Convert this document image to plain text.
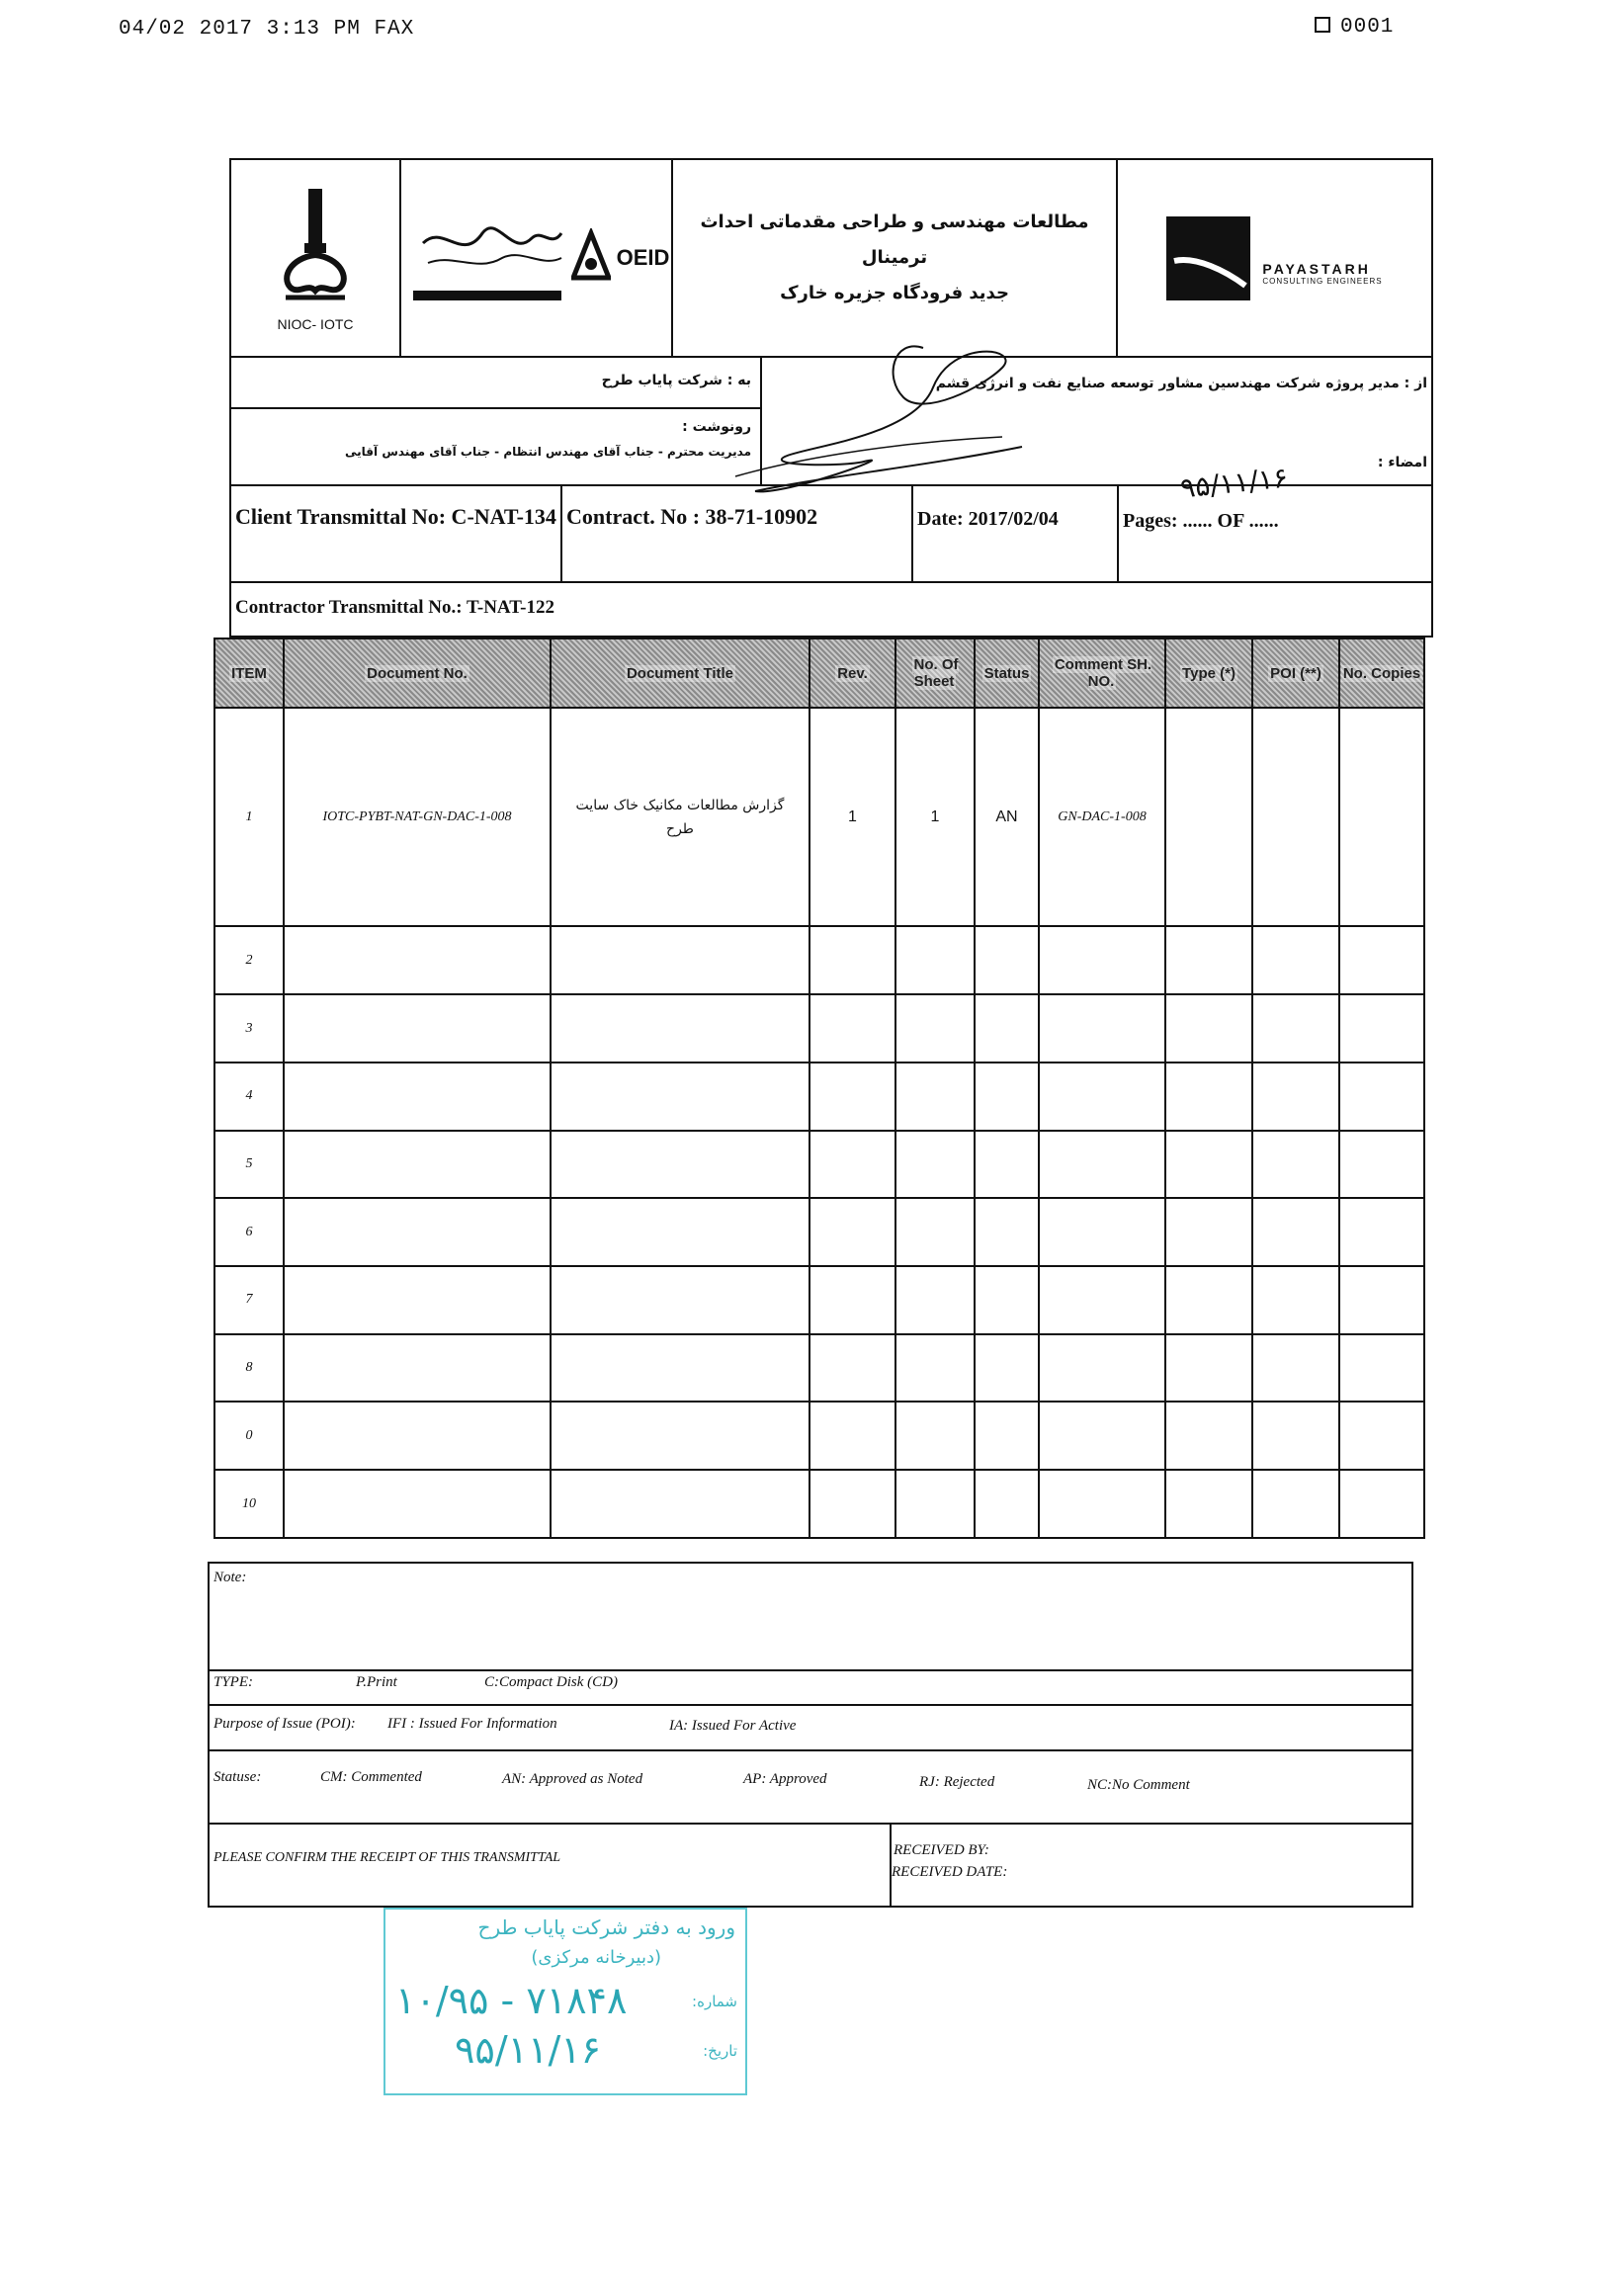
04/02 2017 3:13 PM FAX	0001
NIOC- IOTC
OEID
مطالعات مهندسی و طراحی مقدماتی احداث ترمینال
جدید فرودگاه جزیره خارک
PAYASTARH
CONSULTING ENGINEERS
به : شرکت پایاب طرح	از : مدیر پروژه شرکت مهندسین مشاور توسعه صنایع نفت و انرژی قشم
رونوشت :
مدیریت محترم - جناب آقای مهندس انتظام - جناب آقای مهندس آقایی
امضاء :
۹۵/۱۱/۱۶
Client Transmittal No: C-NAT-134 Contract. No : 38-71-10902	Date: 2017/02/04	Pages: ...... OF ......
Contractor Transmittal No.: T-NAT-122
ITEM	Document No.	Document Title	Rev.	No. Of Sheet	Status	Comment SH. NO.	Type (*)	POI (**)	No. Copies
1	IOTC-PYBT-NAT-GN-DAC-1-008	گزارش مطالعات مکانیک خاک سایت طرح	1	1	AN	GN-DAC-1-008			
2									
3									
4									
5									
6									
7									
8									
0									
10									
Note:
TYPE:	P.Print	C:Compact Disk (CD)
Purpose of Issue (POI): IFI : Issued For Information	IA: Issued For Active
Statuse:	CM: Commented	AN: Approved as Noted	AP: Approved	RJ: Rejected	NC:No Comment
PLEASE CONFIRM THE RECEIPT OF THIS TRANSMITTAL	RECEIVED BY:
RECEIVED DATE:
ورود به دفتر شرکت پایاب طرح
(دبیرخانه مرکزی)
شماره:
تاریخ:
۱۰/۹۵ - ۷۱۸۴۸
۹۵/۱۱/۱۶
